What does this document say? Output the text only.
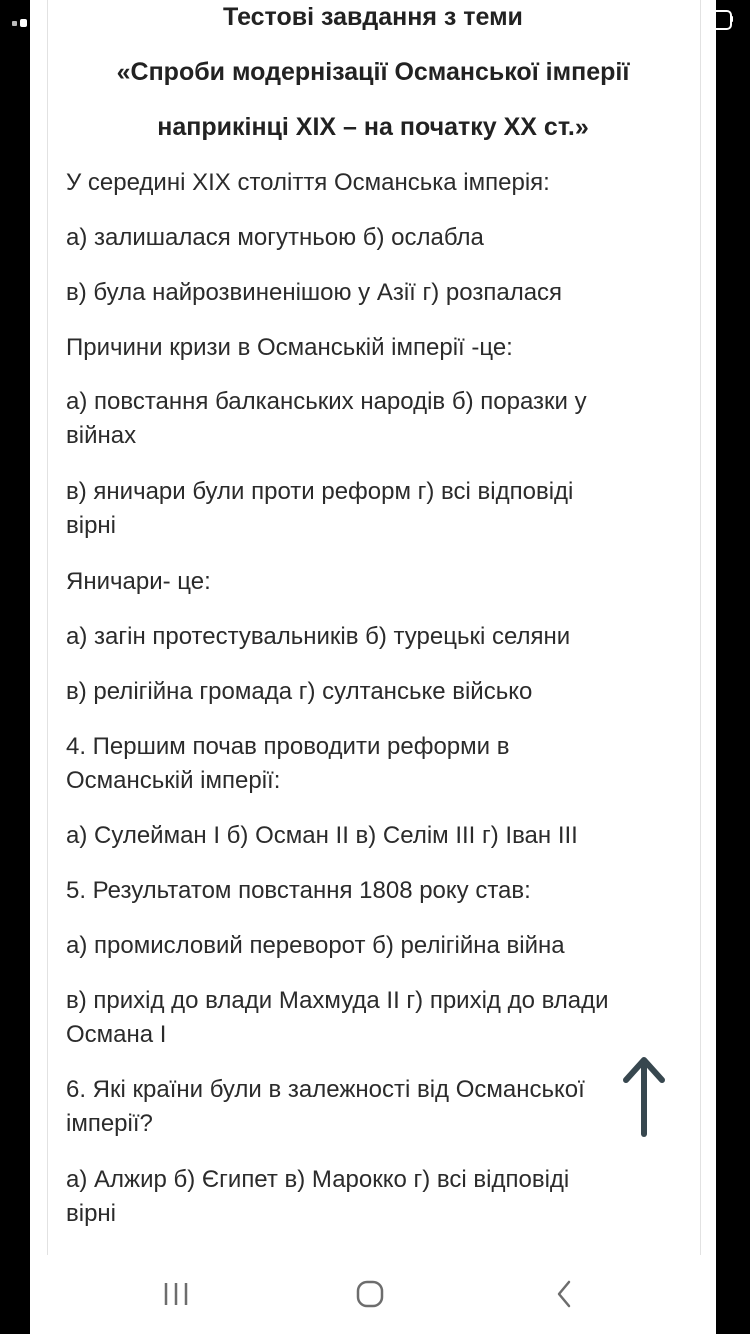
Тестові завдання з теми
«Спроби модернізації Османської імперії
наприкінці XIX – на початку XX ст.»
У середині XIX століття Османська імперія:
а) залишалася могутньою б) ослабла
в) була найрозвиненішою у Азії г) розпалася
Причини кризи в Османській імперії -це:
а) повстання балканських народів б) поразки у
війнах
в) яничари були проти реформ г) всі відповіді
вірні
Яничари- це:
а) загін протестувальників б) турецькі селяни
в) релігійна громада г) султанське військо
4. Першим почав проводити реформи в
Османській імперії:
а) Сулейман І б) Осман ІІ в) Селім ІІІ г) Іван ІІІ
5. Результатом повстання 1808 року став:
а) промисловий переворот б) релігійна війна
в) прихід до влади Махмуда ІІ г) прихід до влади
Османа І
6. Які країни були в залежності від Османської
імперії?
а) Алжир б) Єгипет в) Марокко г) всі відповіді
вірні
